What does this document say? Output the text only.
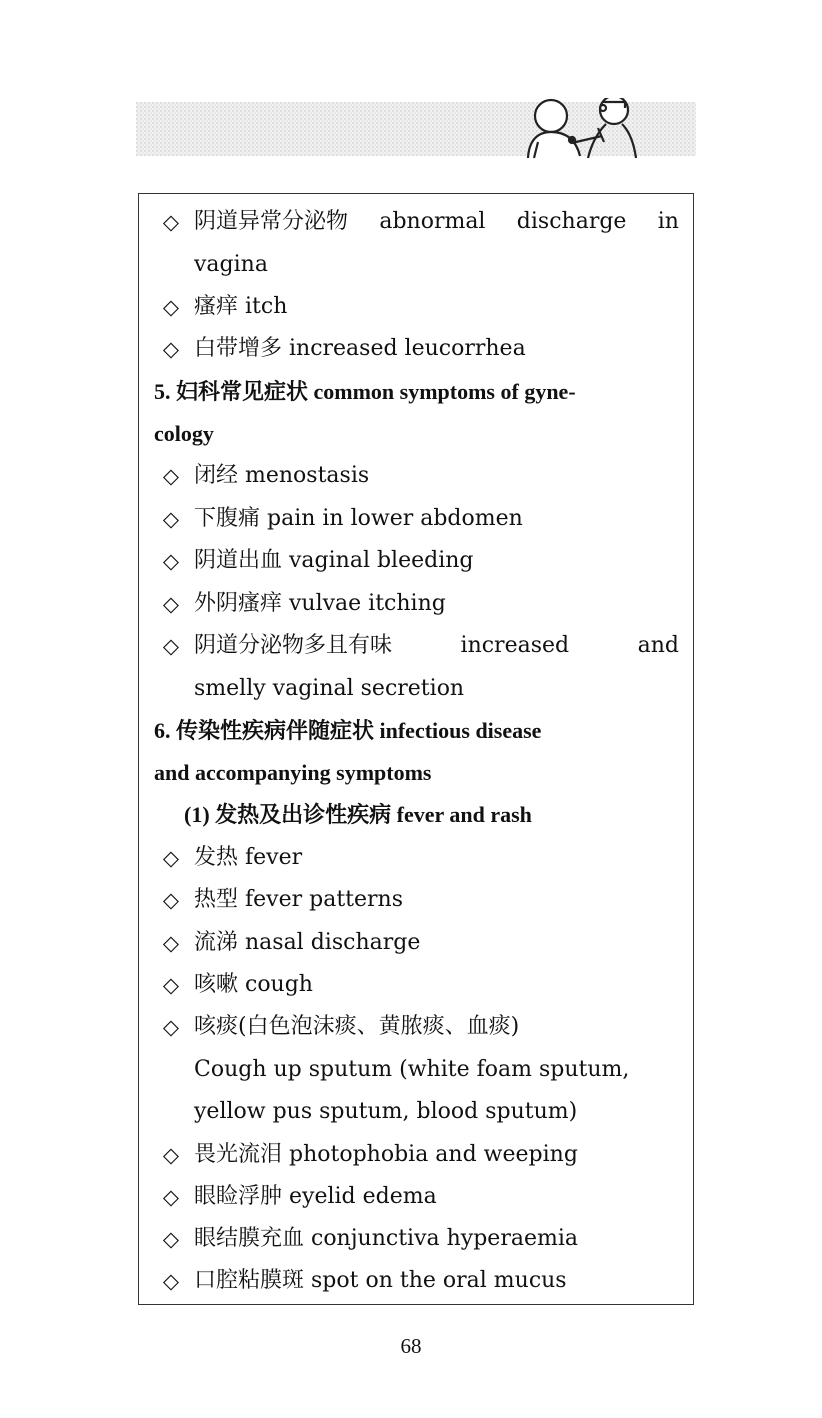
◇ 阴道异常分泌物 abnormal discharge in
vagina
◇ 瘙痒 itch
◇ 白带增多 increased leucorrhea
5. 妇科常见症状 common symptoms of gyne-
cology
◇ 闭经 menostasis
◇ 下腹痛 pain in lower abdomen
◇ 阴道出血 vaginal bleeding
◇ 外阴瘙痒 vulvae itching
◇ 阴道分泌物多且有味	increased	and
smelly vaginal secretion
6. 传染性疾病伴随症状 infectious disease
and accompanying symptoms
(1) 发热及出诊性疾病 fever and rash
◇ 发热 fever
◇ 热型 fever patterns
◇ 流涕 nasal discharge
◇ 咳嗽 cough
◇ 咳痰(白色泡沫痰、黄脓痰、血痰)
Cough up sputum (white foam sputum,
yellow pus sputum, blood sputum)
◇ 畏光流泪 photophobia and weeping
◇ 眼睑浮肿 eyelid edema
◇ 眼结膜充血 conjunctiva hyperaemia
◇ 口腔粘膜斑 spot on the oral mucus
68
